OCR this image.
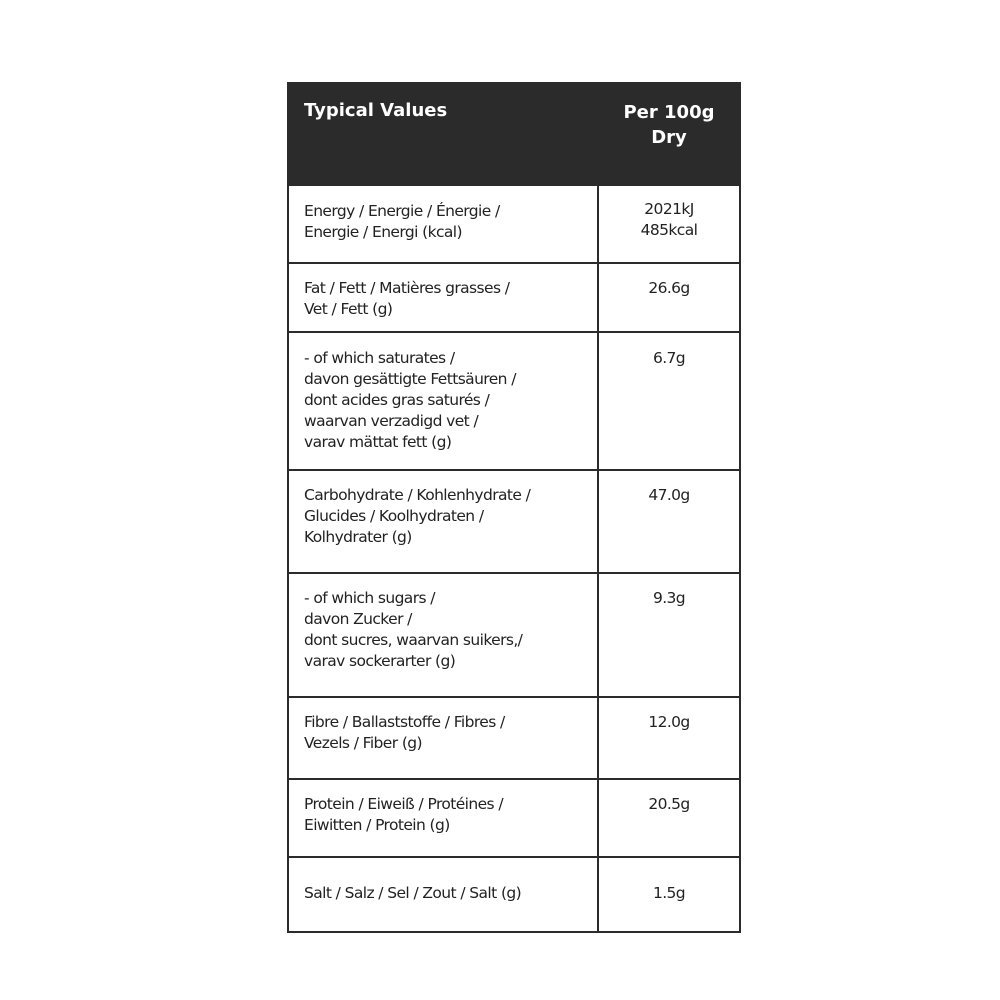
Typical Values	Per 100g
Dry
Energy / Energie / Énergie /
Energie / Energi (kcal)
2021kJ
485kcal
Fat / Fett / Matières grasses /
Vet / Fett (g)
26.6g
- of which saturates /
davon gesättigte Fettsäuren /
dont acides gras saturés /
waarvan verzadigd vet /
varav mättat fett (g)
6.7g
Carbohydrate / Kohlenhydrate /
Glucides / Koolhydraten /
Kolhydrater (g)
47.0g
- of which sugars /
davon Zucker /
dont sucres, waarvan suikers,/
varav sockerarter (g)
9.3g
Fibre / Ballaststoffe / Fibres /
Vezels / Fiber (g)
12.0g
Protein / Eiweiß / Protéines /
Eiwitten / Protein (g)
20.5g
Salt / Salz / Sel / Zout / Salt (g)	1.5g
